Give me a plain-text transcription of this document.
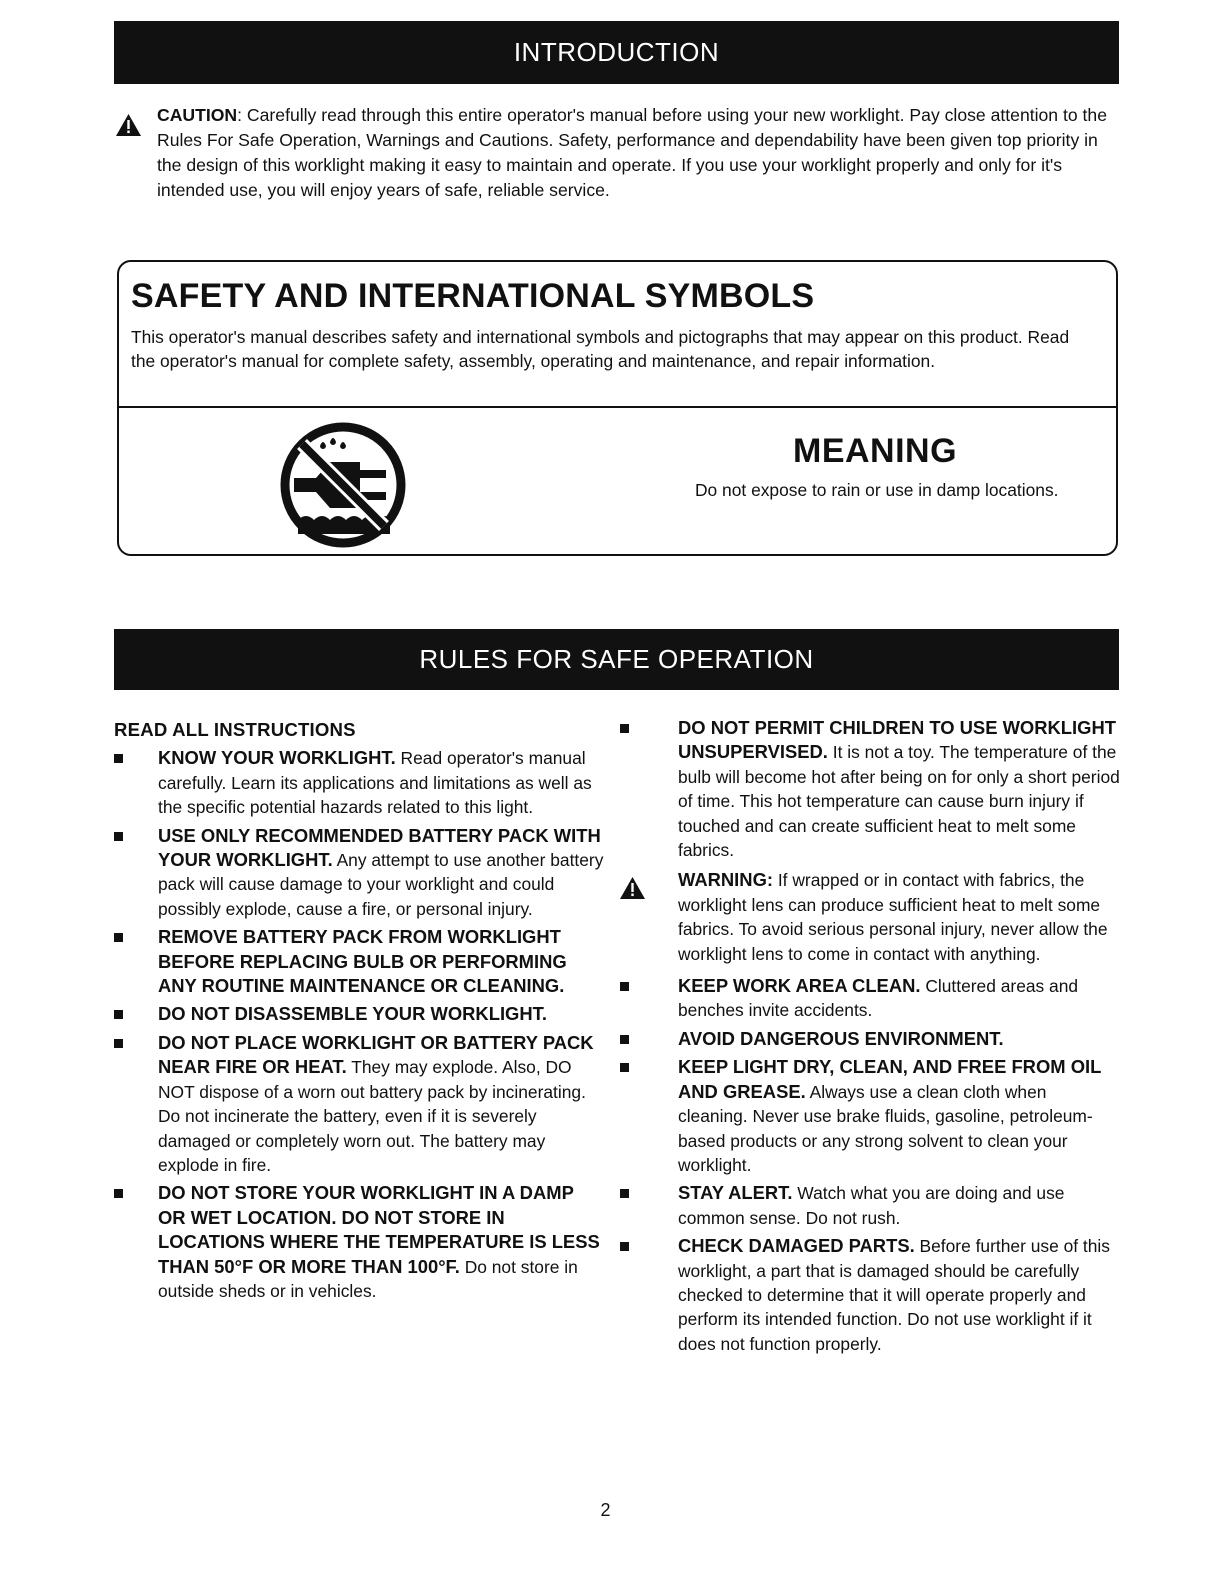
INTRODUCTION

CAUTION: Carefully read through this entire operator's manual before using your new worklight. Pay close attention to the Rules For Safe Operation, Warnings and Cautions. Safety, performance and dependability have been given top priority in the design of this worklight making it easy to maintain and operate. If you use your worklight properly and only for it's intended use, you will enjoy years of safe, reliable service.

SAFETY AND INTERNATIONAL SYMBOLS

This operator's manual describes safety and international symbols and pictographs that may appear on this product. Read the operator's manual for complete safety, assembly, operating and maintenance, and repair information.

MEANING
Do not expose to rain or use in damp locations.
RULES FOR SAFE OPERATION
READ ALL INSTRUCTIONS
KNOW YOUR WORKLIGHT. Read operator's manual carefully. Learn its applications and limitations as well as the specific potential hazards related to this light.
USE ONLY RECOMMENDED BATTERY PACK WITH YOUR WORKLIGHT. Any attempt to use another battery pack will cause damage to your worklight and could possibly explode, cause a fire, or personal injury.
REMOVE BATTERY PACK FROM WORKLIGHT BEFORE REPLACING BULB OR PERFORMING ANY ROUTINE MAINTENANCE OR CLEANING.
DO NOT DISASSEMBLE YOUR WORKLIGHT.
DO NOT PLACE WORKLIGHT OR BATTERY PACK NEAR FIRE OR HEAT. They may explode. Also, DO NOT dispose of a worn out battery pack by incinerating. Do not incinerate the battery, even if it is severely damaged or completely worn out. The battery may explode in fire.
DO NOT STORE YOUR WORKLIGHT IN A DAMP OR WET LOCATION. DO NOT STORE IN LOCATIONS WHERE THE TEMPERATURE IS LESS THAN 50°F OR MORE THAN 100°F. Do not store in outside sheds or in vehicles.
DO NOT PERMIT CHILDREN TO USE WORKLIGHT UNSUPERVISED. It is not a toy. The temperature of the bulb will become hot after being on for only a short period of time. This hot temperature can cause burn injury if touched and can create sufficient heat to melt some fabrics.
WARNING: If wrapped or in contact with fabrics, the worklight lens can produce sufficient heat to melt some fabrics. To avoid serious personal injury, never allow the worklight lens to come in contact with anything.
KEEP WORK AREA CLEAN. Cluttered areas and benches invite accidents.
AVOID DANGEROUS ENVIRONMENT.
KEEP LIGHT DRY, CLEAN, AND FREE FROM OIL AND GREASE. Always use a clean cloth when cleaning. Never use brake fluids, gasoline, petroleum-based products or any strong solvent to clean your worklight.
STAY ALERT. Watch what you are doing and use common sense. Do not rush.
CHECK DAMAGED PARTS. Before further use of this worklight, a part that is damaged should be carefully checked to determine that it will operate properly and perform its intended function. Do not use worklight if it does not function properly.
2
